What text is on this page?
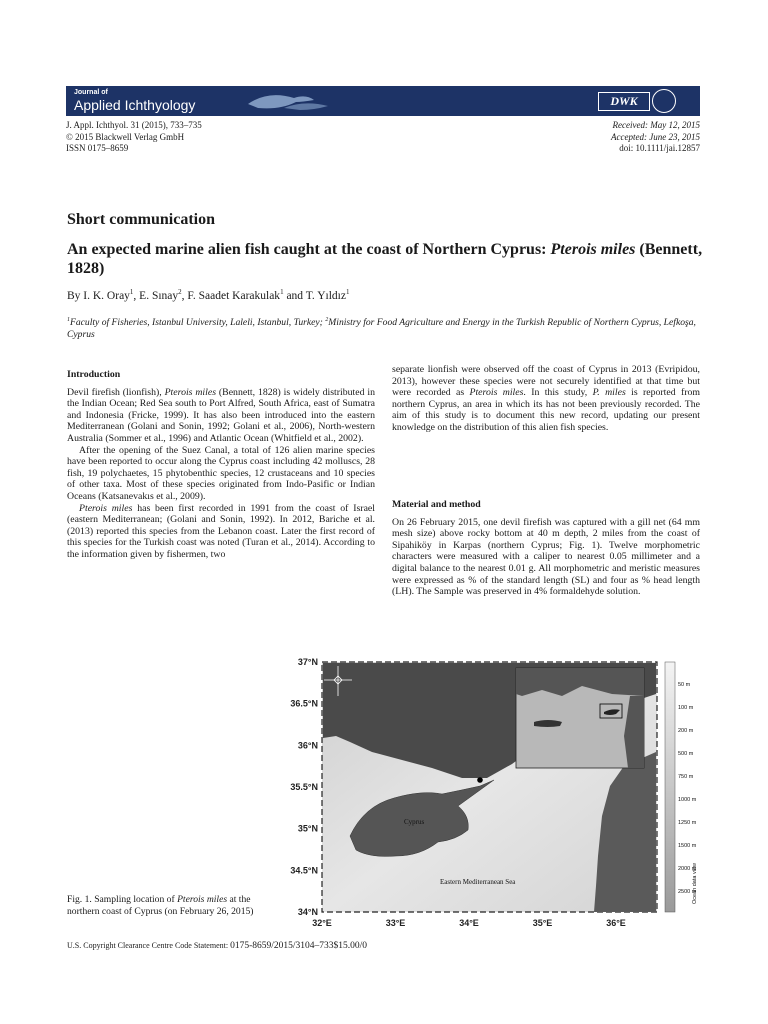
Journal of
Applied Ichthyology	DWK
J. Appl. Ichthyol. 31 (2015), 733–735
© 2015 Blackwell Verlag GmbH
ISSN 0175–8659
Received: May 12, 2015
Accepted: June 23, 2015
doi: 10.1111/jai.12857
Short communication
An expected marine alien fish caught at the coast of Northern Cyprus: Pterois miles (Bennett, 1828)
By I. K. Oray$^1$, E. Sınay$^2$, F. Saadet Karakulak$^1$ and T. Yıldız$^1$
$^1$Faculty of Fisheries, Istanbul University, Laleli, Istanbul, Turkey; $^2$Ministry for Food Agriculture and Energy in the Turkish Republic of Northern Cyprus, Lefkoşa, Cyprus
Introduction

Devil firefish (lionfish), Pterois miles (Bennett, 1828) is widely distributed in the Indian Ocean; Red Sea south to Port Alfred, South Africa, east of Sumatra and Indonesia (Fricke, 1999). It has also been introduced into the eastern Mediterranean (Golani and Sonin, 1992; Golani et al., 2006), North-western Australia (Sommer et al., 1996) and Atlantic Ocean (Whitfield et al., 2002).

After the opening of the Suez Canal, a total of 126 alien marine species have been reported to occur along the Cyprus coast including 42 molluscs, 28 fish, 19 polychaetes, 15 phytobenthic species, 12 crustaceans and 10 species of other taxa. Most of these species originated from Indo-Pasific or Indian Oceans (Katsanevakıs et al., 2009).

Pterois miles has been first recorded in 1991 from the coast of Israel (eastern Mediterranean; (Golani and Sonin, 1992). In 2012, Bariche et al. (2013) reported this species from the Lebanon coast. Later the first record of this species for the Turkish coast was noted (Turan et al., 2014). According to the information given by fishermen, two

separate lionfish were observed off the coast of Cyprus in 2013 (Evripidou, 2013), however these species were not securely identified at that time but were recorded as Pterois miles. In this study, P. miles is reported from northern Cyprus, an area in which its has not been previously recorded. The aim of this study is to document this new record, updating our present knowledge on the distribution of this alien fish species.

Material and method

On 26 February 2015, one devil firefish was captured with a gill net (64 mm mesh size) above rocky bottom at 40 m depth, 2 miles from the coast of Sipahiköy in Karpas (northern Cyprus; Fig. 1). Twelve morphometric characters were measured with a caliper to nearest 0.05 millimeter and a digital balance to the nearest 0.01 g. All morphometric and meristic measures were expressed as % of the standard length (SL) and four as % head length (LH). The Sample was preserved in 4% formaldehyde solution.

Cyprus
Eastern Mediterranean Sea
37°N
36.5°N
36°N
35.5°N
35°N
34.5°N
34°N
32°E	33°E	34°E	35°E	36°E
50 m
100 m
200 m
500 m
750 m
1000 m
1250 m
1500 m
2000 m
2500 m
Ocean data view
Fig. 1. Sampling location of Pterois miles at the northern coast of Cyprus (on February 26, 2015)
U.S. Copyright Clearance Centre Code Statement: 0175-8659/2015/3104–733$15.00/0
